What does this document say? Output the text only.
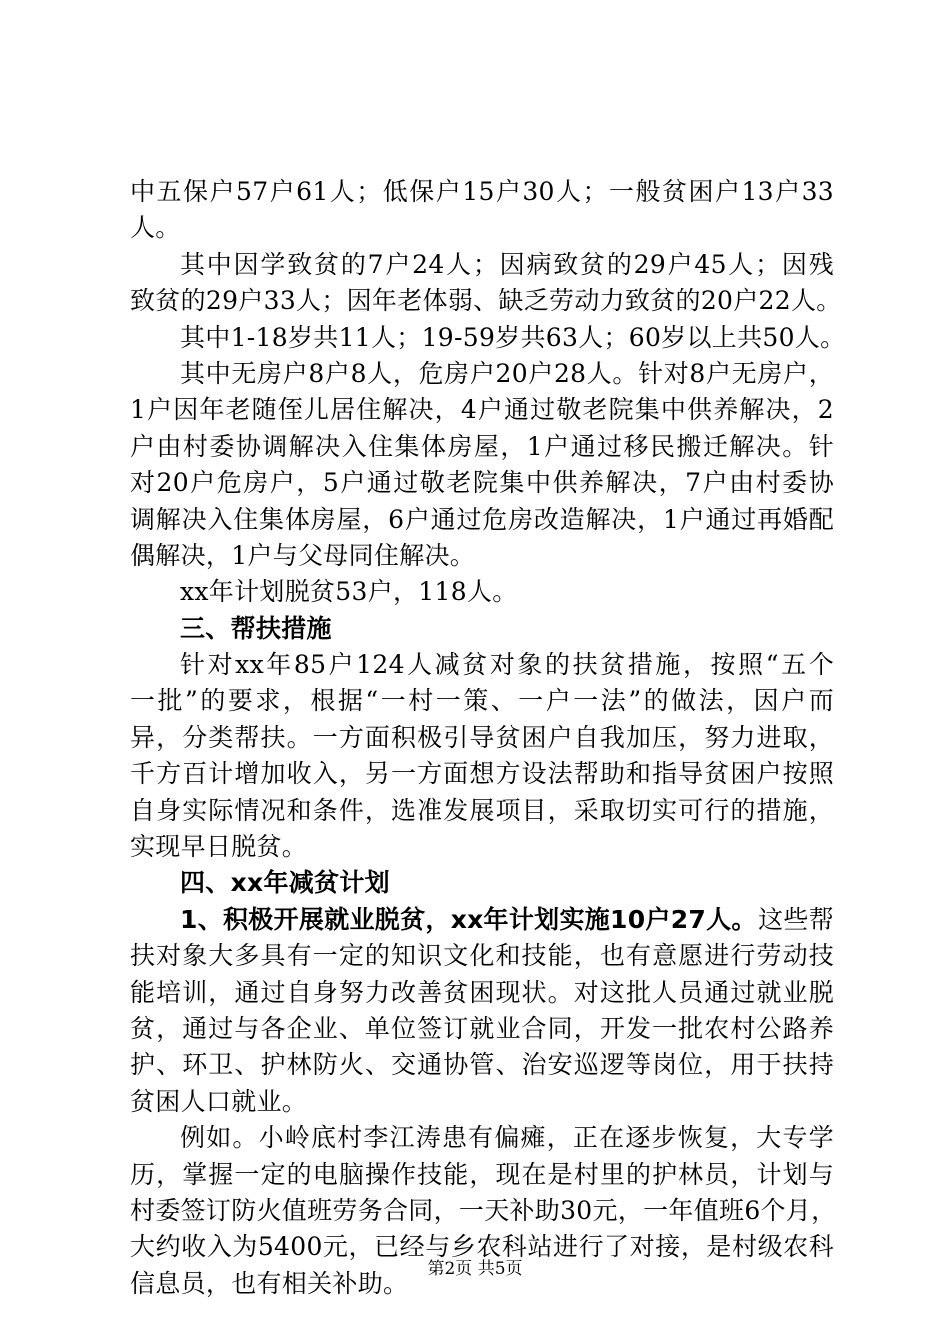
中五保户57户61人；低保户15户30人；一般贫困户13户33
人。
其中因学致贫的7户24人；因病致贫的29户45人；因残
致贫的29户33人；因年老体弱、缺乏劳动力致贫的20户22人。
其中1-18岁共11人；19-59岁共63人；60岁以上共50人。
其中无房户8户8人，危房户20户28人。针对8户无房户，
1户因年老随侄儿居住解决，4户通过敬老院集中供养解决，2
户由村委协调解决入住集体房屋，1户通过移民搬迁解决。针
对20户危房户，5户通过敬老院集中供养解决，7户由村委协
调解决入住集体房屋，6户通过危房改造解决，1户通过再婚配
偶解决，1户与父母同住解决。
xx年计划脱贫53户，118人。
三、帮扶措施
针对xx年85户124人减贫对象的扶贫措施，按照“五个
一批”的要求，根据“一村一策、一户一法”的做法，因户而
异，分类帮扶。一方面积极引导贫困户自我加压，努力进取，
千方百计增加收入，另一方面想方设法帮助和指导贫困户按照
自身实际情况和条件，选准发展项目，采取切实可行的措施，
实现早日脱贫。
四、xx年减贫计划
1、积极开展就业脱贫，xx年计划实施10户27人。 这些帮
扶对象大多具有一定的知识文化和技能，也有意愿进行劳动技
能培训，通过自身努力改善贫困现状。对这批人员通过就业脱
贫，通过与各企业、单位签订就业合同，开发一批农村公路养
护、环卫、护林防火、交通协管、治安巡逻等岗位，用于扶持
贫困人口就业。
例如。小岭底村李江涛患有偏瘫，正在逐步恢复，大专学
历，掌握一定的电脑操作技能，现在是村里的护林员，计划与
村委签订防火值班劳务合同，一天补助30元，一年值班6个月，
大约收入为5400元，已经与乡农科站进行了对接，是村级农科
信息员，也有相关补助。	第2页 共5页
